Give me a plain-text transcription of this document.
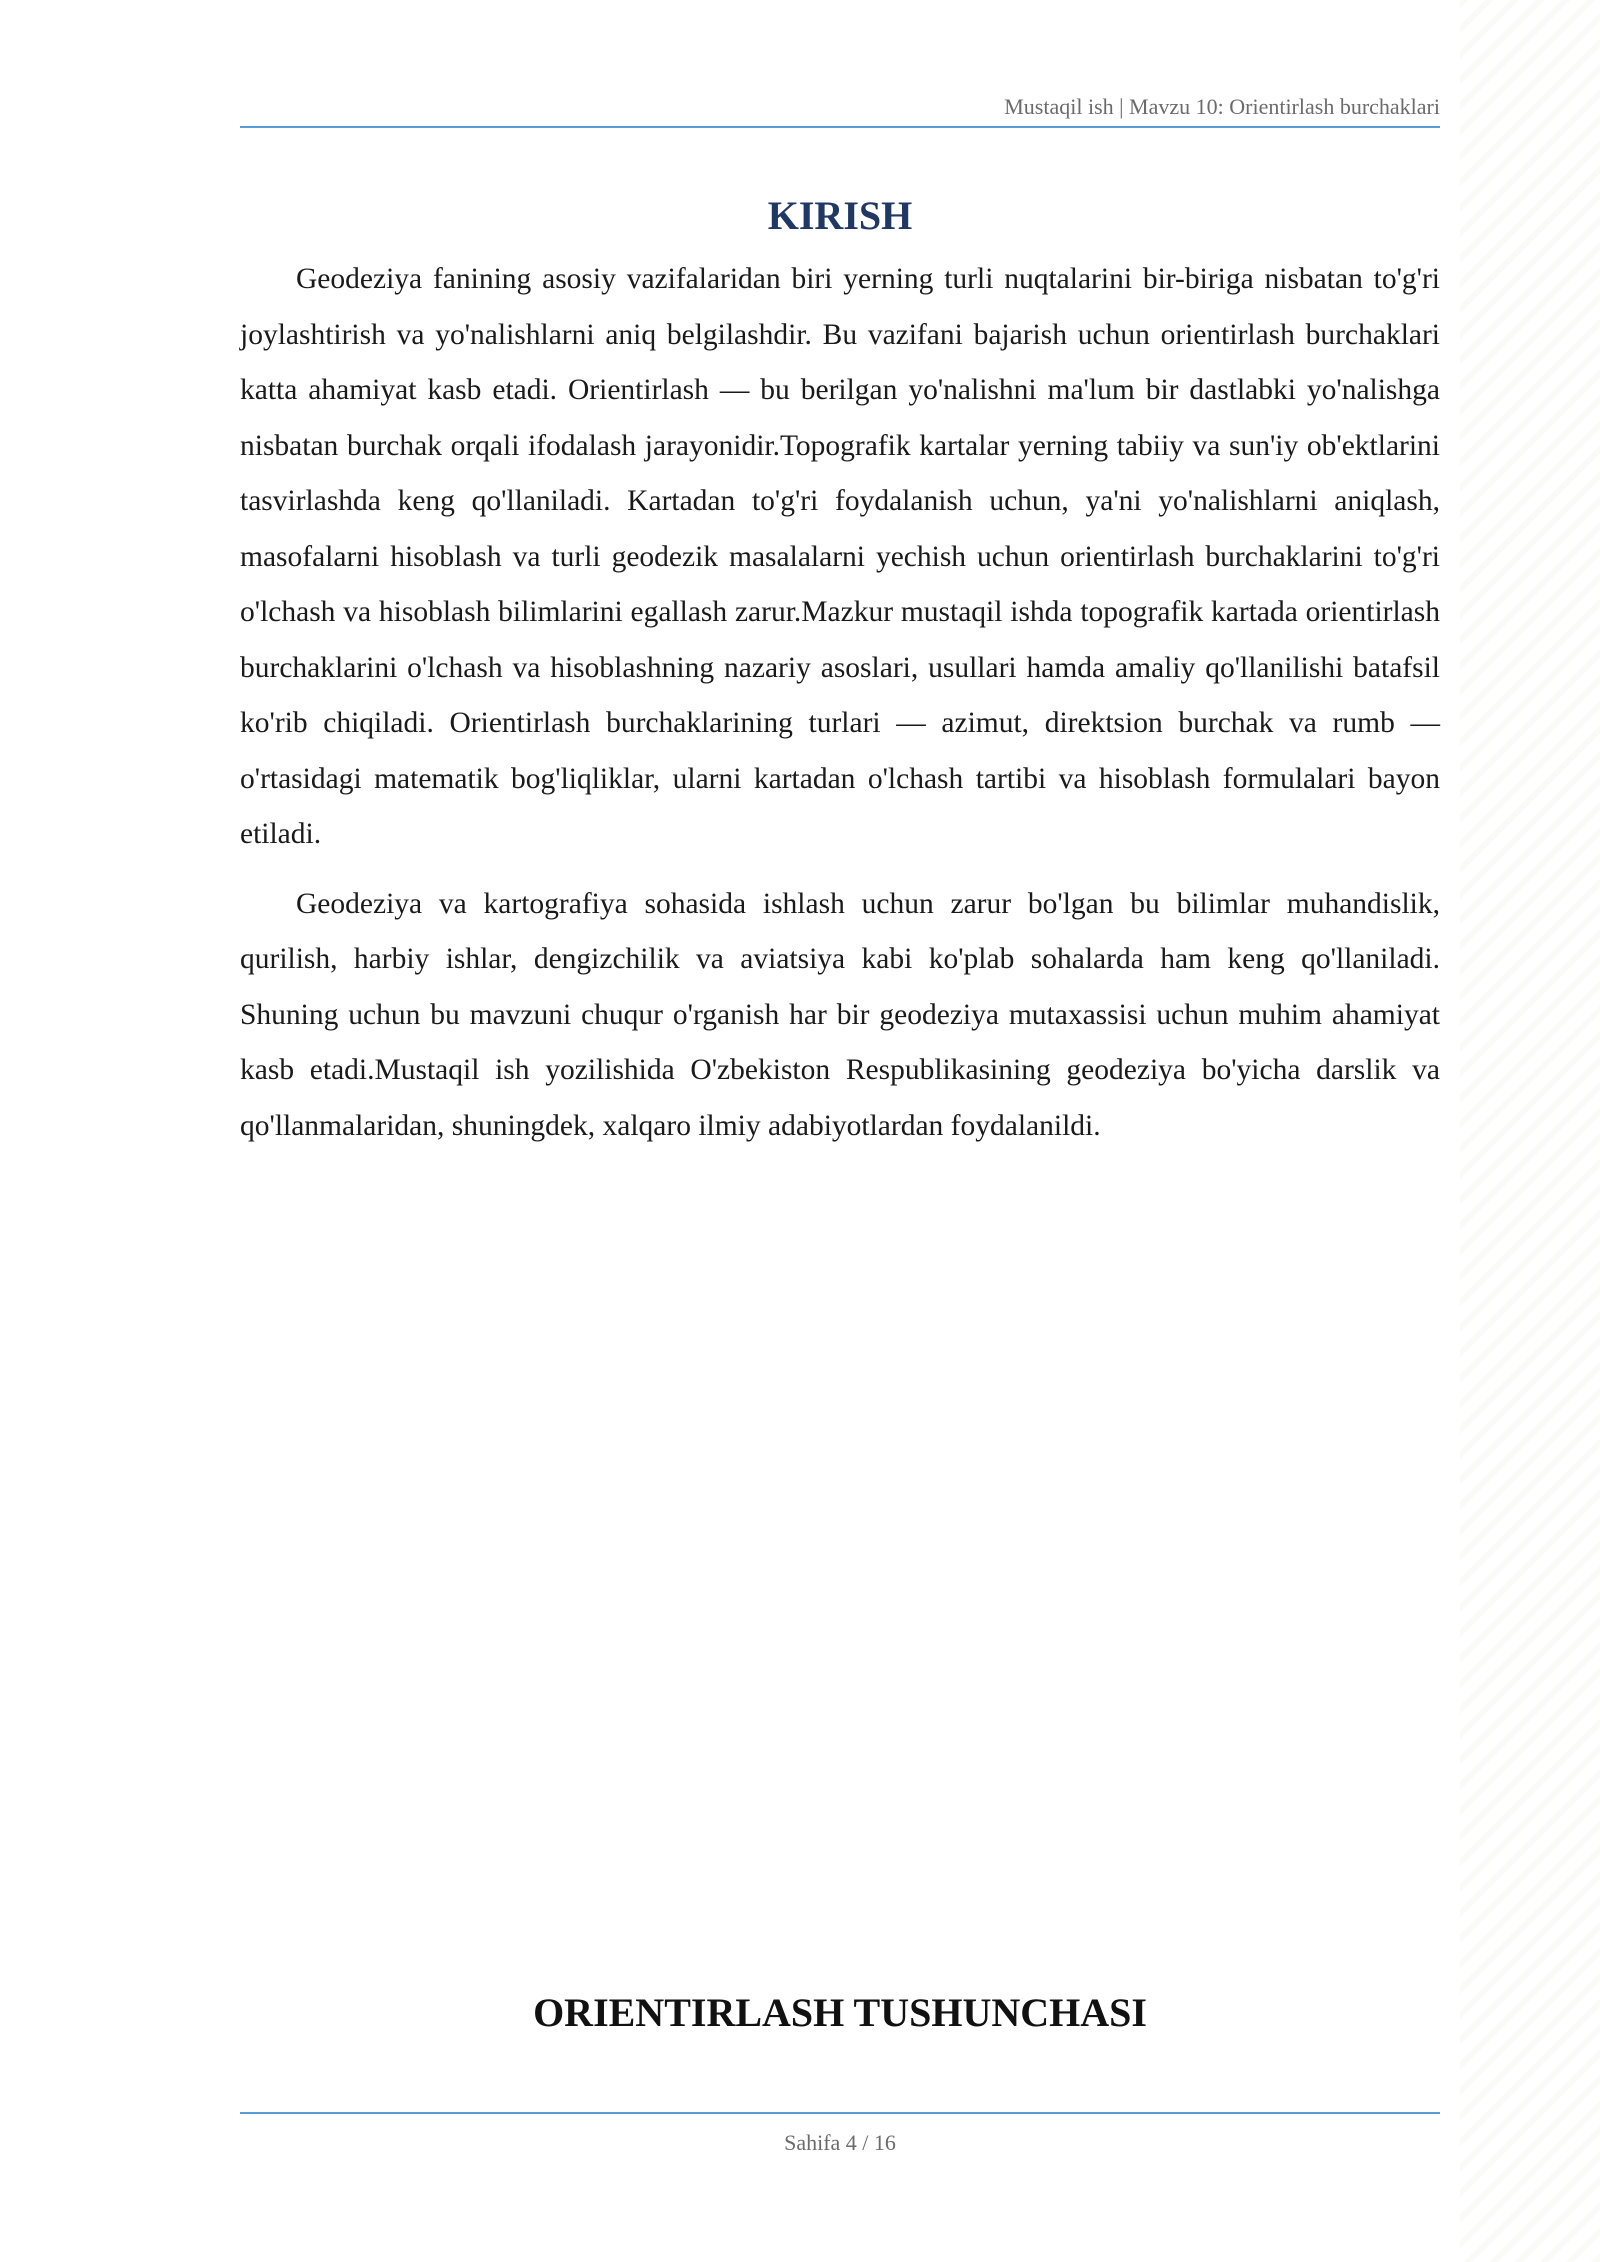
Mustaqil ish | Mavzu 10: Orientirlash burchaklari
KIRISH

Geodeziya fanining asosiy vazifalaridan biri yerning turli nuqtalarini bir-biriga nisbatan to'g'ri joylashtirish va yo'nalishlarni aniq belgilashdir. Bu vazifani bajarish uchun orientirlash burchaklari katta ahamiyat kasb etadi. Orientirlash — bu berilgan yo'nalishni ma'lum bir dastlabki yo'nalishga nisbatan burchak orqali ifodalash jarayonidir.Topografik kartalar yerning tabiiy va sun'iy ob'ektlarini tasvirlashda keng qo'llaniladi. Kartadan to'g'ri foydalanish uchun, ya'ni yo'nalishlarni aniqlash, masofalarni hisoblash va turli geodezik masalalarni yechish uchun orientirlash burchaklarini to'g'ri o'lchash va hisoblash bilimlarini egallash zarur.Mazkur mustaqil ishda topografik kartada orientirlash burchaklarini o'lchash va hisoblashning nazariy asoslari, usullari hamda amaliy qo'llanilishi batafsil ko'rib chiqiladi. Orientirlash burchaklarining turlari — azimut, direktsion burchak va rumb — o'rtasidagi matematik bog'liqliklar, ularni kartadan o'lchash tartibi va hisoblash formulalari bayon etiladi.

Geodeziya va kartografiya sohasida ishlash uchun zarur bo'lgan bu bilimlar muhandislik, qurilish, harbiy ishlar, dengizchilik va aviatsiya kabi ko'plab sohalarda ham keng qo'llaniladi. Shuning uchun bu mavzuni chuqur o'rganish har bir geodeziya mutaxassisi uchun muhim ahamiyat kasb etadi.Mustaqil ish yozilishida O'zbekiston Respublikasining geodeziya bo'yicha darslik va qo'llanmalaridan, shuningdek, xalqaro ilmiy adabiyotlardan foydalanildi.

ORIENTIRLASH TUSHUNCHASI
Sahifa 4 / 16
